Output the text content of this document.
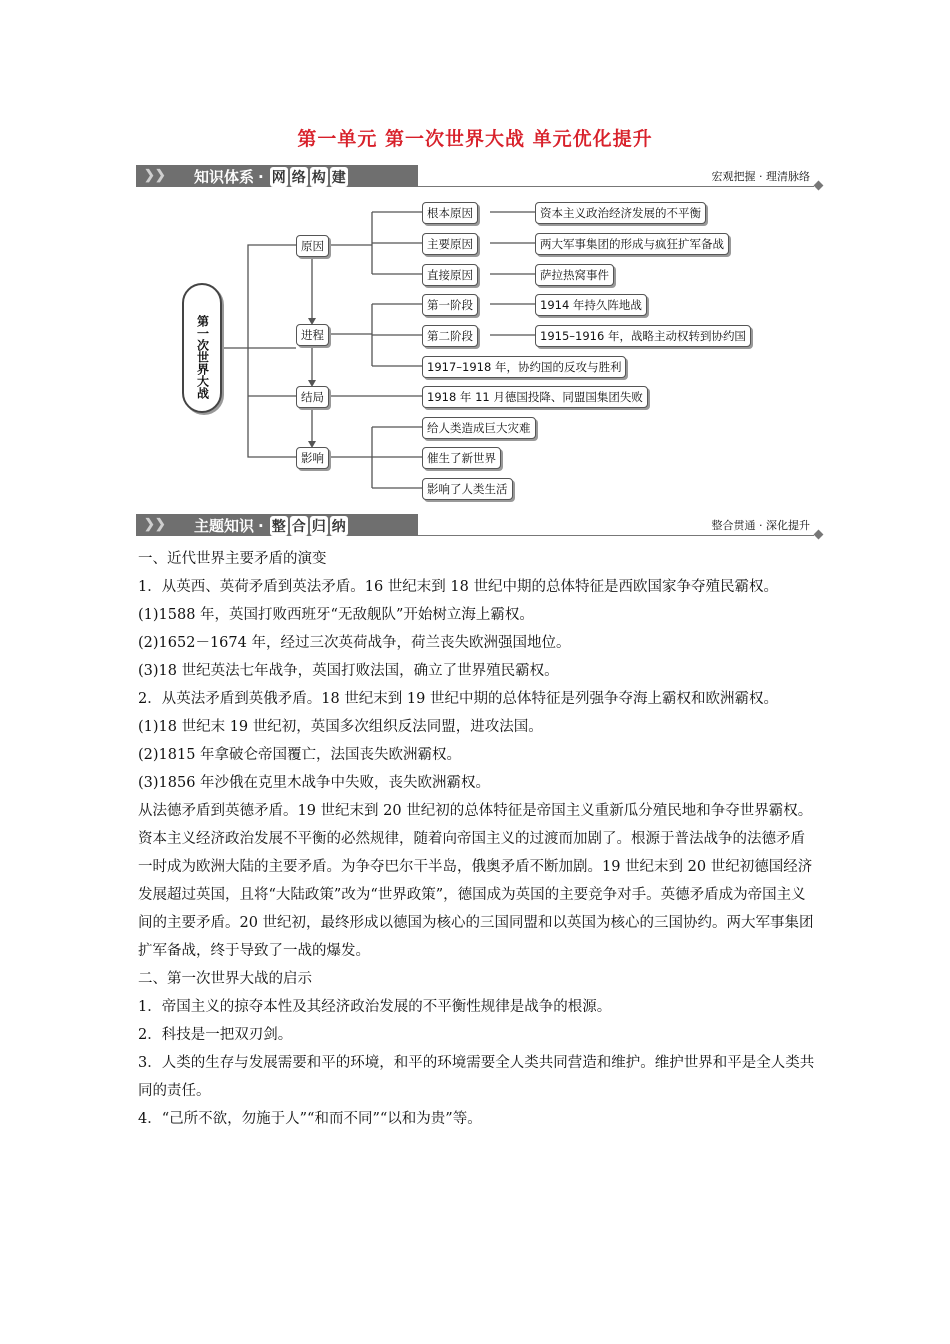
第一单元 第一次世界大战 单元优化提升
❯❯ 知识体系 · 网 络 构 建	宏观把握 · 理清脉络
第一次世界大战
原因
进程
结局
影响
根本原因
主要原因
直接原因
资本主义政治经济发展的不平衡
两大军事集团的形成与疯狂扩军备战
萨拉热窝事件
第一阶段
第二阶段
1914 年持久阵地战
1915–1916 年，战略主动权转到协约国
1917–1918 年，协约国的反攻与胜利
1918 年 11 月德国投降、同盟国集团失败
给人类造成巨大灾难
催生了新世界
影响了人类生活
❯❯ 主题知识 · 整 合 归 纳	整合贯通 · 深化提升

一、近代世界主要矛盾的演变

1．从英西、英荷矛盾到英法矛盾。16 世纪末到 18 世纪中期的总体特征是西欧国家争夺殖民霸权。

(1)1588 年，英国打败西班牙“无敌舰队”开始树立海上霸权。

(2)1652－1674 年，经过三次英荷战争，荷兰丧失欧洲强国地位。

(3)18 世纪英法七年战争，英国打败法国，确立了世界殖民霸权。

2．从英法矛盾到英俄矛盾。18 世纪末到 19 世纪中期的总体特征是列强争夺海上霸权和欧洲霸权。

(1)18 世纪末 19 世纪初，英国多次组织反法同盟，进攻法国。

(2)1815 年拿破仑帝国覆亡，法国丧失欧洲霸权。

(3)1856 年沙俄在克里木战争中失败，丧失欧洲霸权。

从法德矛盾到英德矛盾。19 世纪末到 20 世纪初的总体特征是帝国主义重新瓜分殖民地和争夺世界霸权。资本主义经济政治发展不平衡的必然规律，随着向帝国主义的过渡而加剧了。根源于普法战争的法德矛盾一时成为欧洲大陆的主要矛盾。为争夺巴尔干半岛，俄奥矛盾不断加剧。19 世纪末到 20 世纪初德国经济发展超过英国，且将“大陆政策”改为“世界政策”，德国成为英国的主要竞争对手。英德矛盾成为帝国主义间的主要矛盾。20 世纪初，最终形成以德国为核心的三国同盟和以英国为核心的三国协约。两大军事集团扩军备战，终于导致了一战的爆发。

二、第一次世界大战的启示

1．帝国主义的掠夺本性及其经济政治发展的不平衡性规律是战争的根源。

2．科技是一把双刃剑。

3．人类的生存与发展需要和平的环境，和平的环境需要全人类共同营造和维护。维护世界和平是全人类共同的责任。

4．“己所不欲，勿施于人”“和而不同”“以和为贵”等。
